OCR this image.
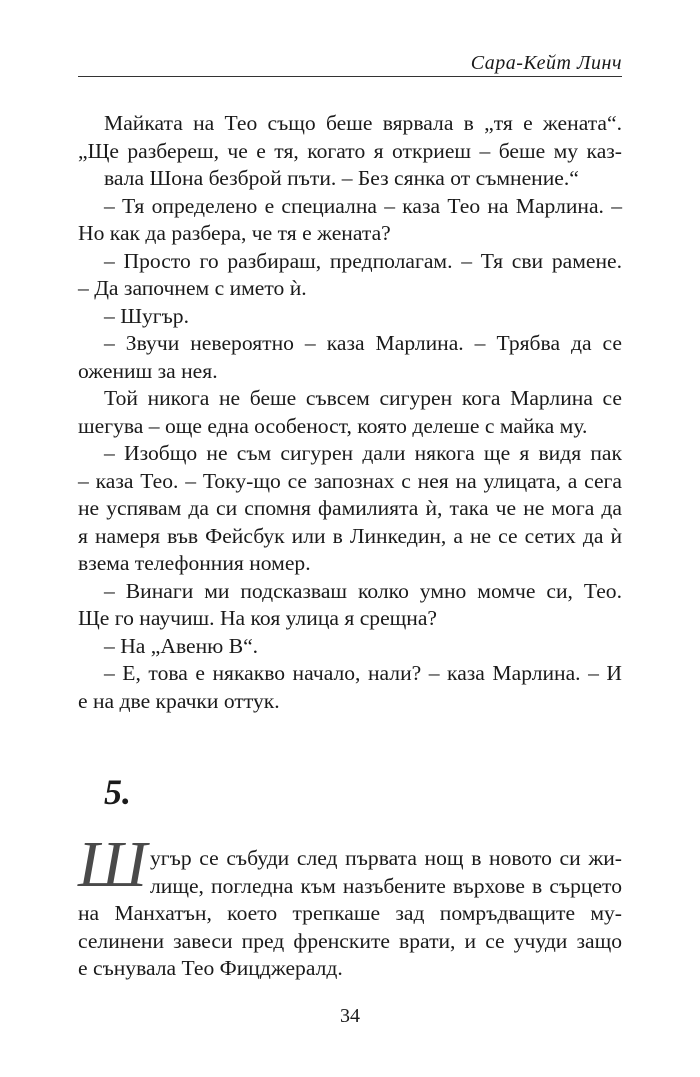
Сара-Кейт Линч
Майката на Тео също беше вярвала в „тя е жената“.
„Ще разбереш, че е тя, когато я откриеш – беше му каз-
вала Шона безброй пъти. – Без сянка от съмнение.“
– Тя определено е специална – каза Тео на Марлина. –
Но как да разбера, че тя е жената?
– Просто го разбираш, предполагам. – Тя сви рамене.
– Да започнем с името ѝ.
– Шугър.
– Звучи невероятно – каза Марлина. – Трябва да се
ожениш за нея.
Той никога не беше съвсем сигурен кога Марлина се
шегува – още една особеност, която делеше с майка му.
– Изобщо не съм сигурен дали някога ще я видя пак
– каза Тео. – Току-що се запознах с нея на улицата, а сега
не успявам да си спомня фамилията ѝ, така че не мога да
я намеря във Фейсбук или в Линкедин, а не се сетих да ѝ
взема телефонния номер.
– Винаги ми подсказваш колко умно момче си, Тео.
Ще го научиш. На коя улица я срещна?
– На „Авеню В“.
– Е, това е някакво начало, нали? – каза Марлина. – И
е на две крачки оттук.
5.
Ш угър се събуди след първата нощ в новото си жи-
лище, погледна към назъбените върхове в сърцето
на Манхатън, което трепкаше зад помръдващите му-
селинени завеси пред френските врати, и се учуди защо
е сънувала Тео Фицджералд.
34
